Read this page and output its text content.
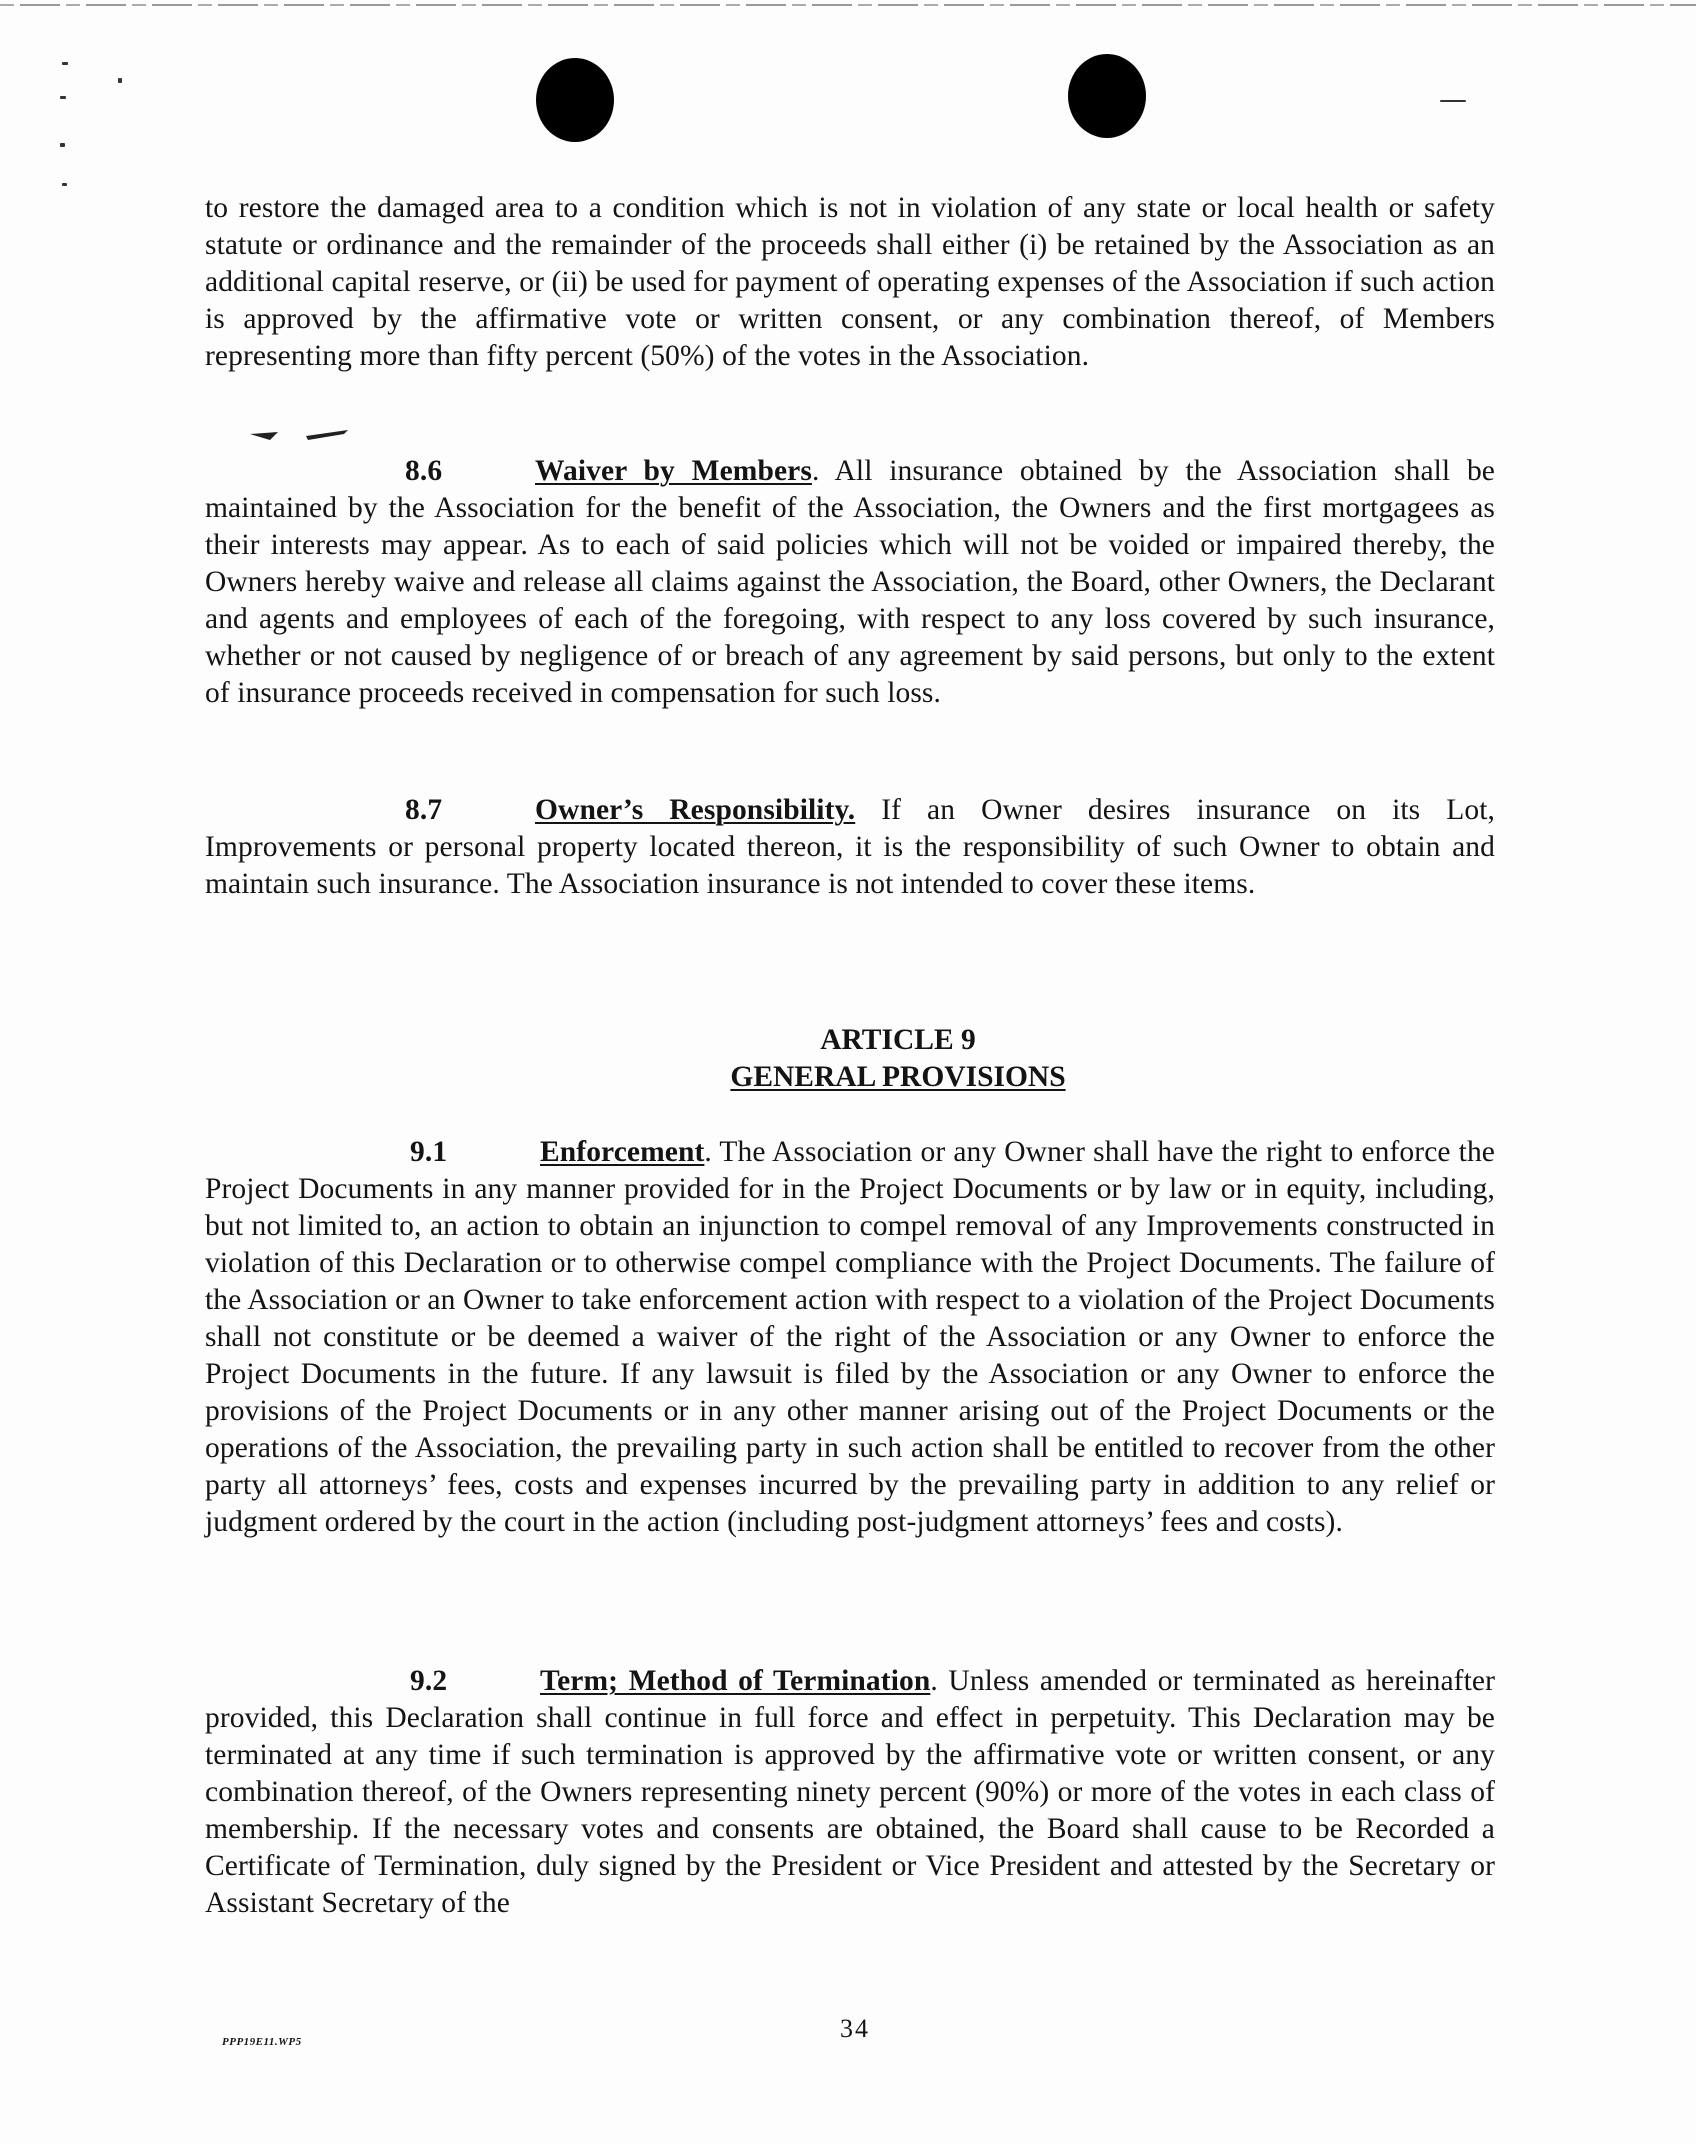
to restore the damaged area to a condition which is not in violation of any state or local health or safety statute or ordinance and the remainder of the proceeds shall either (i) be retained by the Association as an additional capital reserve, or (ii) be used for payment of operating expenses of the Association if such action is approved by the affirmative vote or written consent, or any combination thereof, of Members representing more than fifty percent (50%) of the votes in the Association.

8.6	Waiver by Members. All insurance obtained by the Association shall be maintained by the Association for the benefit of the Association, the Owners and the first mortgagees as their interests may appear. As to each of said policies which will not be voided or impaired thereby, the Owners hereby waive and release all claims against the Association, the Board, other Owners, the Declarant and agents and employees of each of the foregoing, with respect to any loss covered by such insurance, whether or not caused by negligence of or breach of any agreement by said persons, but only to the extent of insurance proceeds received in compensation for such loss.

8.7	Owner’s Responsibility. If an Owner desires insurance on its Lot, Improvements or personal property located thereon, it is the responsibility of such Owner to obtain and maintain such insurance. The Association insurance is not intended to cover these items.

ARTICLE 9
GENERAL PROVISIONS

9.1	Enforcement. The Association or any Owner shall have the right to enforce the Project Documents in any manner provided for in the Project Documents or by law or in equity, including, but not limited to, an action to obtain an injunction to compel removal of any Improvements constructed in violation of this Declaration or to otherwise compel compliance with the Project Documents. The failure of the Association or an Owner to take enforcement action with respect to a violation of the Project Documents shall not constitute or be deemed a waiver of the right of the Association or any Owner to enforce the Project Documents in the future. If any lawsuit is filed by the Association or any Owner to enforce the provisions of the Project Documents or in any other manner arising out of the Project Documents or the operations of the Association, the prevailing party in such action shall be entitled to recover from the other party all attorneys’ fees, costs and expenses incurred by the prevailing party in addition to any relief or judgment ordered by the court in the action (including post-judgment attorneys’ fees and costs).

9.2	Term; Method of Termination. Unless amended or terminated as hereinafter provided, this Declaration shall continue in full force and effect in perpetuity. This Declaration may be terminated at any time if such termination is approved by the affirmative vote or written consent, or any combination thereof, of the Owners representing ninety percent (90%) or more of the votes in each class of membership. If the necessary votes and consents are obtained, the Board shall cause to be Recorded a Certificate of Termination, duly signed by the President or Vice President and attested by the Secretary or Assistant Secretary of the

34
PPP19E11.WP5
